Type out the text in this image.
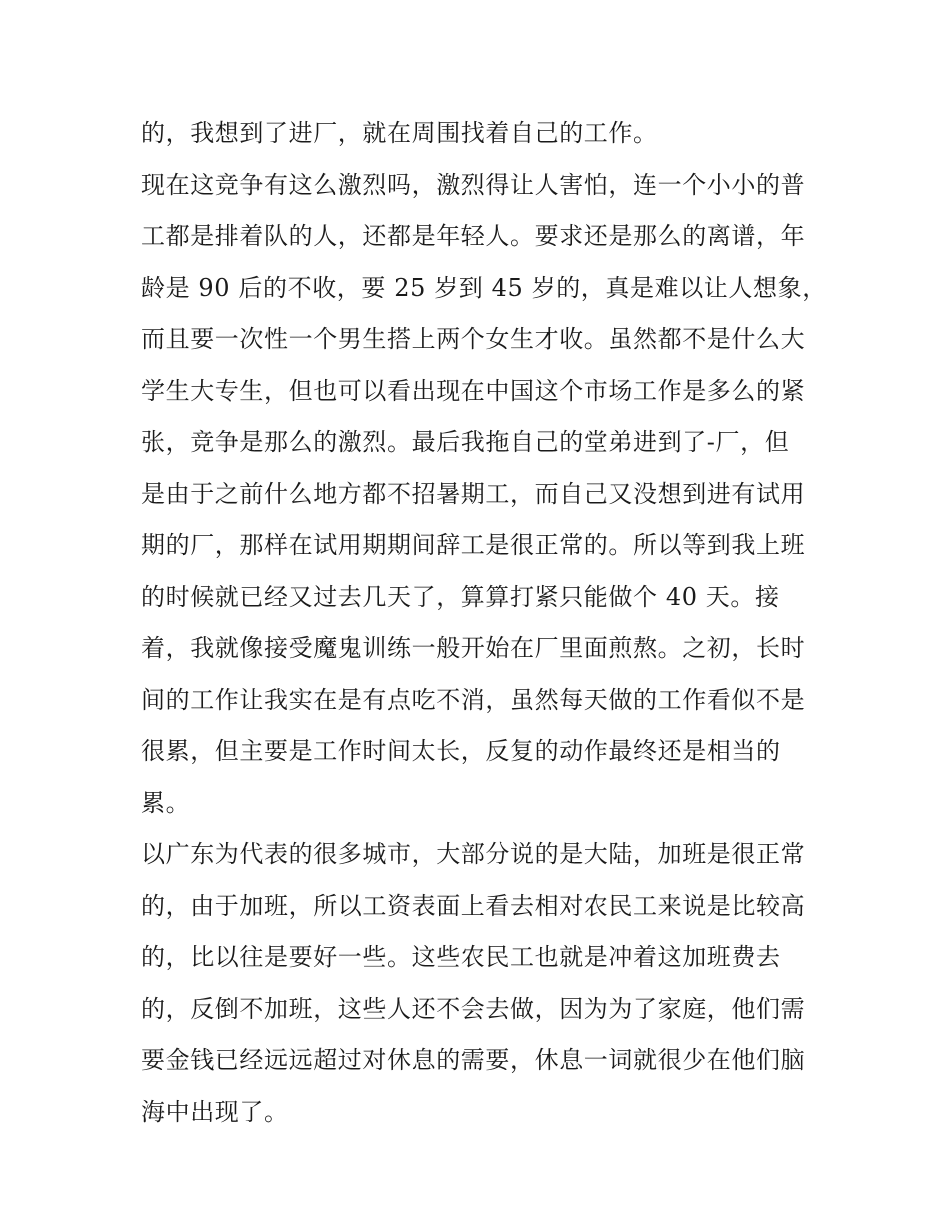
的，我想到了进厂，就在周围找着自己的工作。
现在这竞争有这么激烈吗，激烈得让人害怕，连一个小小的普
工都是排着队的人，还都是年轻人。要求还是那么的离谱，年
龄是 90 后的不收，要 25 岁到 45 岁的，真是难以让人想象，
而且要一次性一个男生搭上两个女生才收。虽然都不是什么大
学生大专生，但也可以看出现在中国这个市场工作是多么的紧
张，竞争是那么的激烈。最后我拖自己的堂弟进到了-厂，但
是由于之前什么地方都不招暑期工，而自己又没想到进有试用
期的厂，那样在试用期期间辞工是很正常的。所以等到我上班
的时候就已经又过去几天了，算算打紧只能做个 40 天。接
着，我就像接受魔鬼训练一般开始在厂里面煎熬。之初，长时
间的工作让我实在是有点吃不消，虽然每天做的工作看似不是
很累，但主要是工作时间太长，反复的动作最终还是相当的
累。
以广东为代表的很多城市，大部分说的是大陆，加班是很正常
的，由于加班，所以工资表面上看去相对农民工来说是比较高
的，比以往是要好一些。这些农民工也就是冲着这加班费去
的，反倒不加班，这些人还不会去做，因为为了家庭，他们需
要金钱已经远远超过对休息的需要，休息一词就很少在他们脑
海中出现了。
